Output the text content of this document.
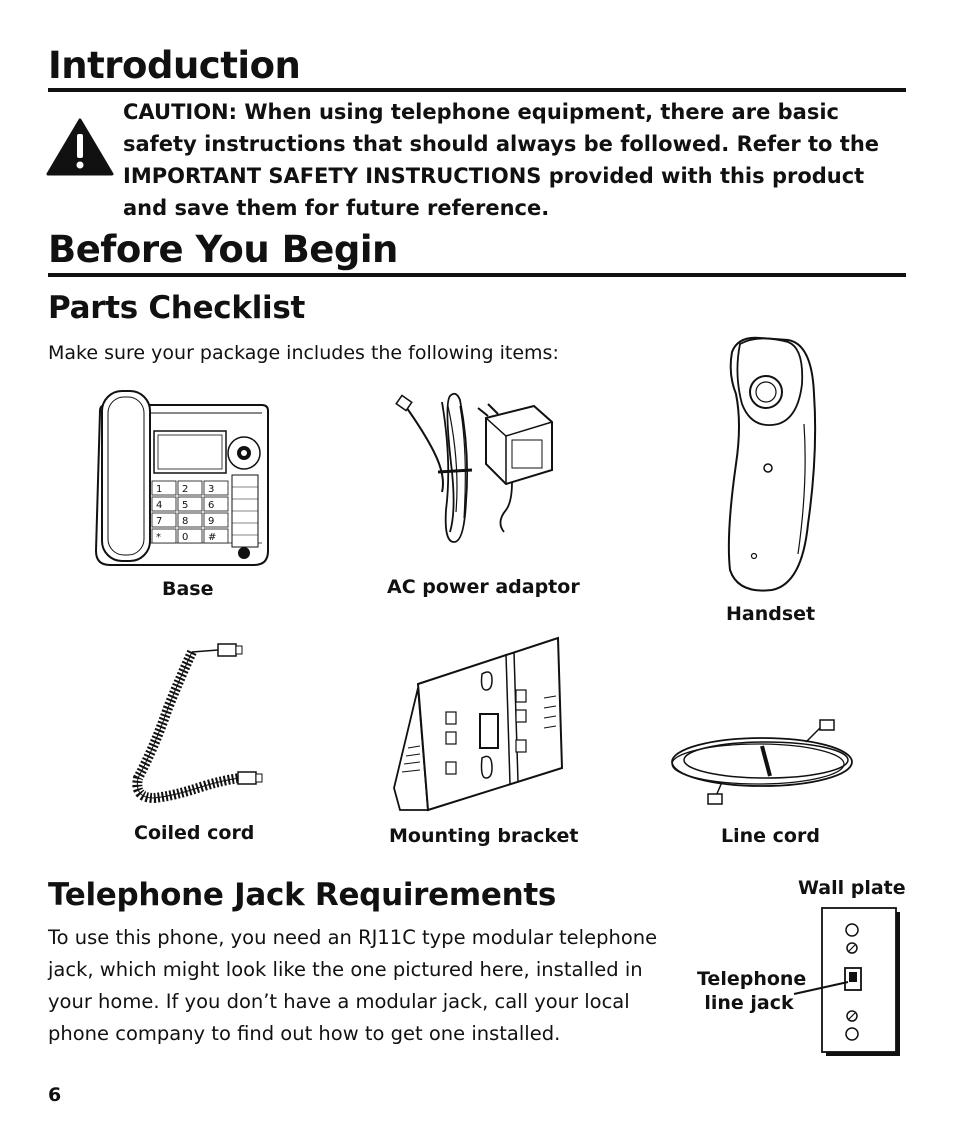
Introduction
CAUTION: When using telephone equipment, there are basic safety instructions that should always be followed. Refer to the IMPORTANT SAFETY INSTRUCTIONS provided with this product and save them for future reference.
Before You Begin
Parts Checklist
Make sure your package includes the following items:
1 2 3
4 5 6
7 8 9
* 0 #
Base	AC power adaptor
Handset
Coiled cord	Mounting bracket	Line cord
Telephone Jack Requirements
To use this phone, you need an RJ11C type modular telephone jack, which might look like the one pictured here, installed in your home. If you don’t have a modular jack, call your local phone company to find out how to get one installed.
Wall plate
Telephone
line jack
6
